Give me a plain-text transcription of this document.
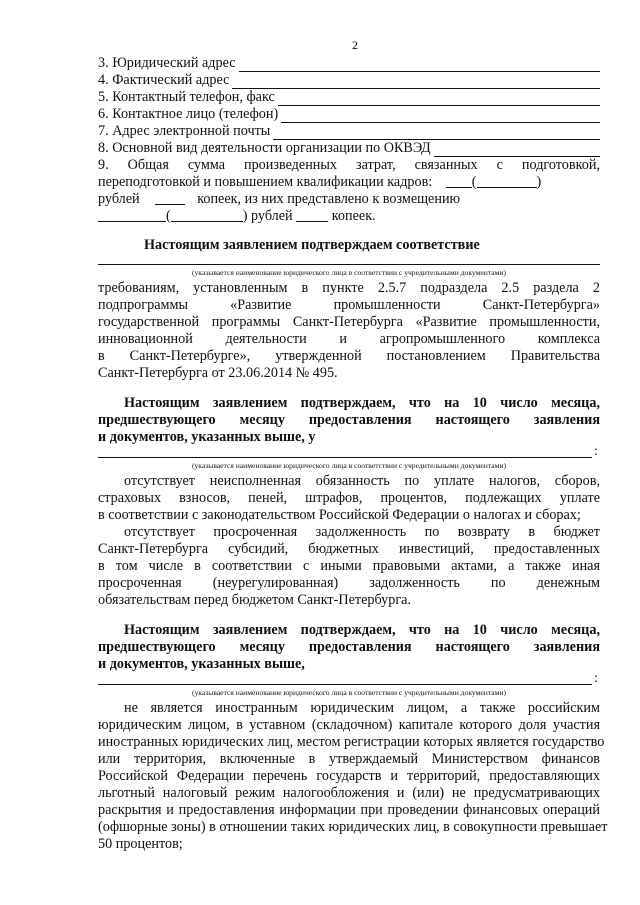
2
3. Юридический адрес
4. Фактический адрес
5. Контактный телефон, факс
6. Контактное лицо (телефон)
7. Адрес электронной почты
8. Основной вид деятельности организации по ОКВЭД
9. Общая сумма произведенных затрат, связанных с подготовкой,
переподготовкой и повышением квалификации кадров:	(	)
рублей	копеек, из них представлено к возмещению
(	) рублей	копеек.
Настоящим заявлением подтверждаем соответствие
(указывается наименование юридического лица в соответствии с учредительными документами)
требованиям, установленным в пункте 2.5.7 подраздела 2.5 раздела 2
подпрограммы «Развитие промышленности Санкт-Петербурга»
государственной программы Санкт-Петербурга «Развитие промышленности,
инновационной деятельности и агропромышленного комплекса
в Санкт-Петербурге», утвержденной постановлением Правительства
Санкт-Петербурга от 23.06.2014 № 495.
Настоящим заявлением подтверждаем, что на 10 число месяца,
предшествующего месяцу предоставления настоящего заявления
и документов, указанных выше, у
:
(указывается наименование юридического лица в соответствии с учредительными документами)
отсутствует неисполненная обязанность по уплате налогов, сборов,
страховых взносов, пеней, штрафов, процентов, подлежащих уплате
в соответствии с законодательством Российской Федерации о налогах и сборах;
отсутствует просроченная задолженность по возврату в бюджет
Санкт-Петербурга субсидий, бюджетных инвестиций, предоставленных
в том числе в соответствии с иными правовыми актами, а также иная
просроченная (неурегулированная) задолженность по денежным
обязательствам перед бюджетом Санкт-Петербурга.
Настоящим заявлением подтверждаем, что на 10 число месяца,
предшествующего месяцу предоставления настоящего заявления
и документов, указанных выше,
:
(указывается наименование юридического лица в соответствии с учредительными документами)
не является иностранным юридическим лицом, а также российским
юридическим лицом, в уставном (складочном) капитале которого доля участия
иностранных юридических лиц, местом регистрации которых является государство
или территория, включенные в утверждаемый Министерством финансов
Российской Федерации перечень государств и территорий, предоставляющих
льготный налоговый режим налогообложения и (или) не предусматривающих
раскрытия и предоставления информации при проведении финансовых операций
(офшорные зоны) в отношении таких юридических лиц, в совокупности превышает
50 процентов;
